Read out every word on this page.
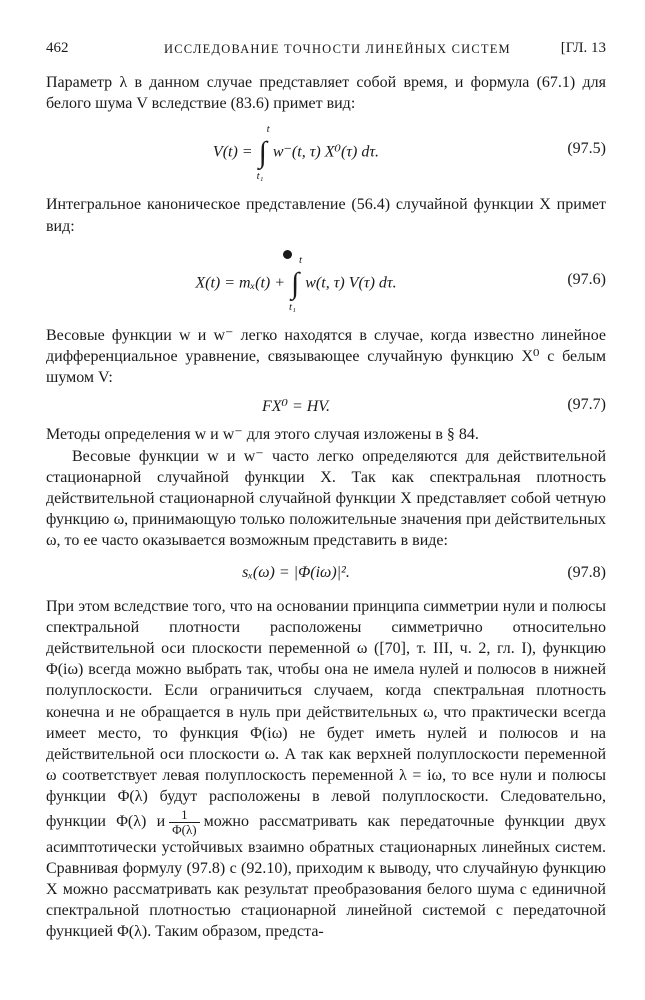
462	ИССЛЕДОВАНИЕ ТОЧНОСТИ ЛИНЕЙНЫХ СИСТЕМ	[ГЛ. 13

Параметр λ в данном случае представляет собой время, и формула (67.1) для белого шума V вследствие (83.6) примет вид:

V(t) = ∫
t
t₁
w⁻(t, τ) X⁰(τ) dτ.	(97.5)

Интегральное каноническое представление (56.4) случайной функции X примет вид:

X(t) = mₓ(t) + ∫
t
t₁
w(t, τ) V(τ) dτ.	(97.6)

Весовые функции w и w⁻ легко находятся в случае, когда известно линейное дифференциальное уравнение, связывающее случайную функцию X⁰ с белым шумом V:

FX⁰ = HV.	(97.7)

Методы определения w и w⁻ для этого случая изложены в § 84.

Весовые функции w и w⁻ часто легко определяются для действительной стационарной случайной функции X. Так как спектральная плотность действительной стационарной случайной функции X представляет собой четную функцию ω, принимающую только положительные значения при действительных ω, то ее часто оказывается возможным представить в виде:

sₓ(ω) = |Φ(iω)|².	(97.8)

При этом вследствие того, что на основании принципа симметрии нули и полюсы спектральной плотности расположены симметрично относительно действительной оси плоскости переменной ω ([70], т. III, ч. 2, гл. I), функцию Φ(iω) всегда можно выбрать так, чтобы она не имела нулей и полюсов в нижней полуплоскости. Если ограничиться случаем, когда спектральная плотность конечна и не обращается в нуль при действительных ω, что практически всегда имеет место, то функция Φ(iω) не будет иметь нулей и полюсов и на действительной оси плоскости ω. А так как верхней полуплоскости переменной ω соответствует левая полуплоскость переменной λ = iω, то все нули и полюсы функции Φ(λ) будут расположены в левой полуплоскости. Следовательно, функции Φ(λ) и $\frac{1}{\Phi(\lambda)}$ можно рассматривать как передаточные функции двух асимптотически устойчивых взаимно обратных стационарных линейных систем. Сравнивая формулу (97.8) с (92.10), приходим к выводу, что случайную функцию X можно рассматривать как результат преобразования белого шума с единичной спектральной плотностью стационарной линейной системой с передаточной функцией Φ(λ). Таким образом, предста-
